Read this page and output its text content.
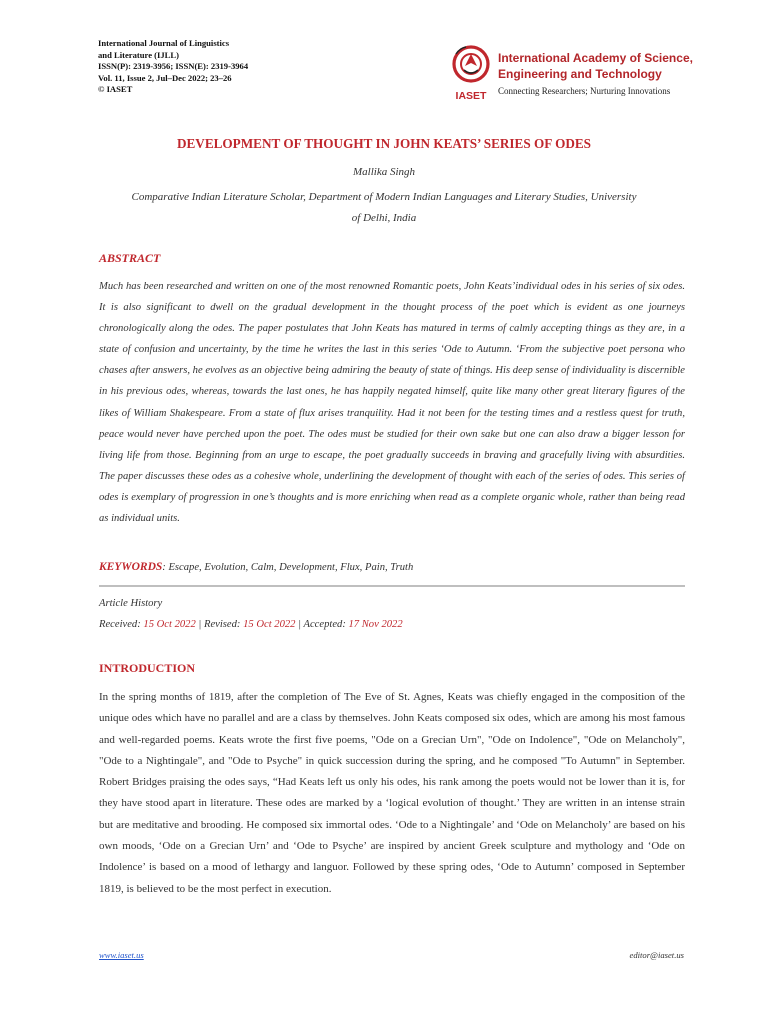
International Journal of Linguistics
and Literature (IJLL)
ISSN(P): 2319-3956; ISSN(E): 2319-3964
Vol. 11, Issue 2, Jul–Dec 2022; 23–26
© IASET
IASET
International Academy of Science,
Engineering and Technology
Connecting Researchers; Nurturing Innovations
DEVELOPMENT OF THOUGHT IN JOHN KEATS’ SERIES OF ODES
Mallika Singh
Comparative Indian Literature Scholar, Department of Modern Indian Languages and Literary Studies, University of Delhi, India
ABSTRACT
Much has been researched and written on one of the most renowned Romantic poets, John Keats’individual odes in his series of six odes. It is also significant to dwell on the gradual development in the thought process of the poet which is evident as one journeys chronologically along the odes. The paper postulates that John Keats has matured in terms of calmly accepting things as they are, in a state of confusion and uncertainty, by the time he writes the last in this series ‘Ode to Autumn. ‘From the subjective poet persona who chases after answers, he evolves as an objective being admiring the beauty of state of things. His deep sense of individuality is discernible in his previous odes, whereas, towards the last ones, he has happily negated himself, quite like many other great literary figures of the likes of William Shakespeare. From a state of flux arises tranquility. Had it not been for the testing times and a restless quest for truth, peace would never have perched upon the poet. The odes must be studied for their own sake but one can also draw a bigger lesson for living life from those. Beginning from an urge to escape, the poet gradually succeeds in braving and gracefully living with absurdities. The paper discusses these odes as a cohesive whole, underlining the development of thought with each of the series of odes. This series of odes is exemplary of progression in one’s thoughts and is more enriching when read as a complete organic whole, rather than being read as individual units.
KEYWORDS: Escape, Evolution, Calm, Development, Flux, Pain, Truth
Article History
Received: 15 Oct 2022 | Revised: 15 Oct 2022 | Accepted: 17 Nov 2022
INTRODUCTION
In the spring months of 1819, after the completion of The Eve of St. Agnes, Keats was chiefly engaged in the composition of the unique odes which have no parallel and are a class by themselves. John Keats composed six odes, which are among his most famous and well-regarded poems. Keats wrote the first five poems, "Ode on a Grecian Urn", "Ode on Indolence", "Ode on Melancholy", "Ode to a Nightingale", and "Ode to Psyche" in quick succession during the spring, and he composed "To Autumn" in September. Robert Bridges praising the odes says, “Had Keats left us only his odes, his rank among the poets would not be lower than it is, for they have stood apart in literature. These odes are marked by a ‘logical evolution of thought.’ They are written in an intense strain but are meditative and brooding. He composed six immortal odes. ‘Ode to a Nightingale’ and ‘Ode on Melancholy’ are based on his own moods, ‘Ode on a Grecian Urn’ and ‘Ode to Psyche’ are inspired by ancient Greek sculpture and mythology and ‘Ode on Indolence’ is based on a mood of lethargy and languor. Followed by these spring odes, ‘Ode to Autumn’ composed in September 1819, is believed to be the most perfect in execution.
www.iaset.us	editor@iaset.us
